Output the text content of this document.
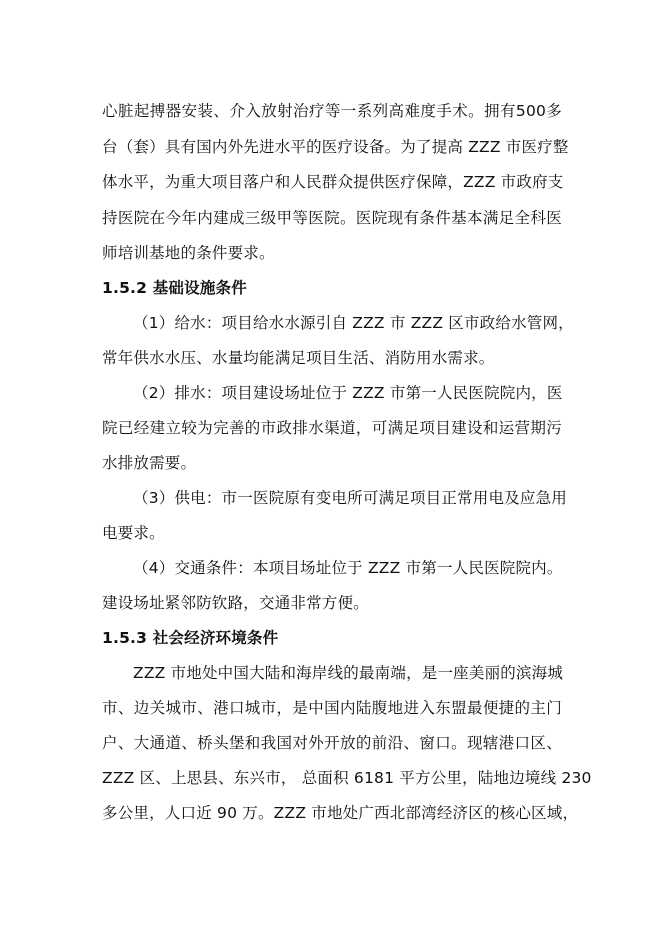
心脏起搏器安装、介入放射治疗等一系列高难度手术。拥有500多
台（套）具有国内外先进水平的医疗设备。为了提高 ZZZ 市医疗整
体水平，为重大项目落户和人民群众提供医疗保障，ZZZ 市政府支
持医院在今年内建成三级甲等医院。医院现有条件基本满足全科医
师培训基地的条件要求。
1.5.2 基础设施条件
（1）给水：项目给水水源引自 ZZZ 市 ZZZ 区市政给水管网，
常年供水水压、水量均能满足项目生活、消防用水需求。
（2）排水：项目建设场址位于 ZZZ 市第一人民医院院内，医
院已经建立较为完善的市政排水渠道，可满足项目建设和运营期污
水排放需要。
（3）供电：市一医院原有变电所可满足项目正常用电及应急用
电要求。
（4）交通条件：本项目场址位于 ZZZ 市第一人民医院院内。
建设场址紧邻防钦路，交通非常方便。
1.5.3 社会经济环境条件
ZZZ 市地处中国大陆和海岸线的最南端，是一座美丽的滨海城
市、边关城市、港口城市，是中国内陆腹地进入东盟最便捷的主门
户、大通道、桥头堡和我国对外开放的前沿、窗口。现辖港口区、
ZZZ 区、上思县、东兴市， 总面积 6181 平方公里，陆地边境线 230
多公里，人口近 90 万。ZZZ 市地处广西北部湾经济区的核心区域，
